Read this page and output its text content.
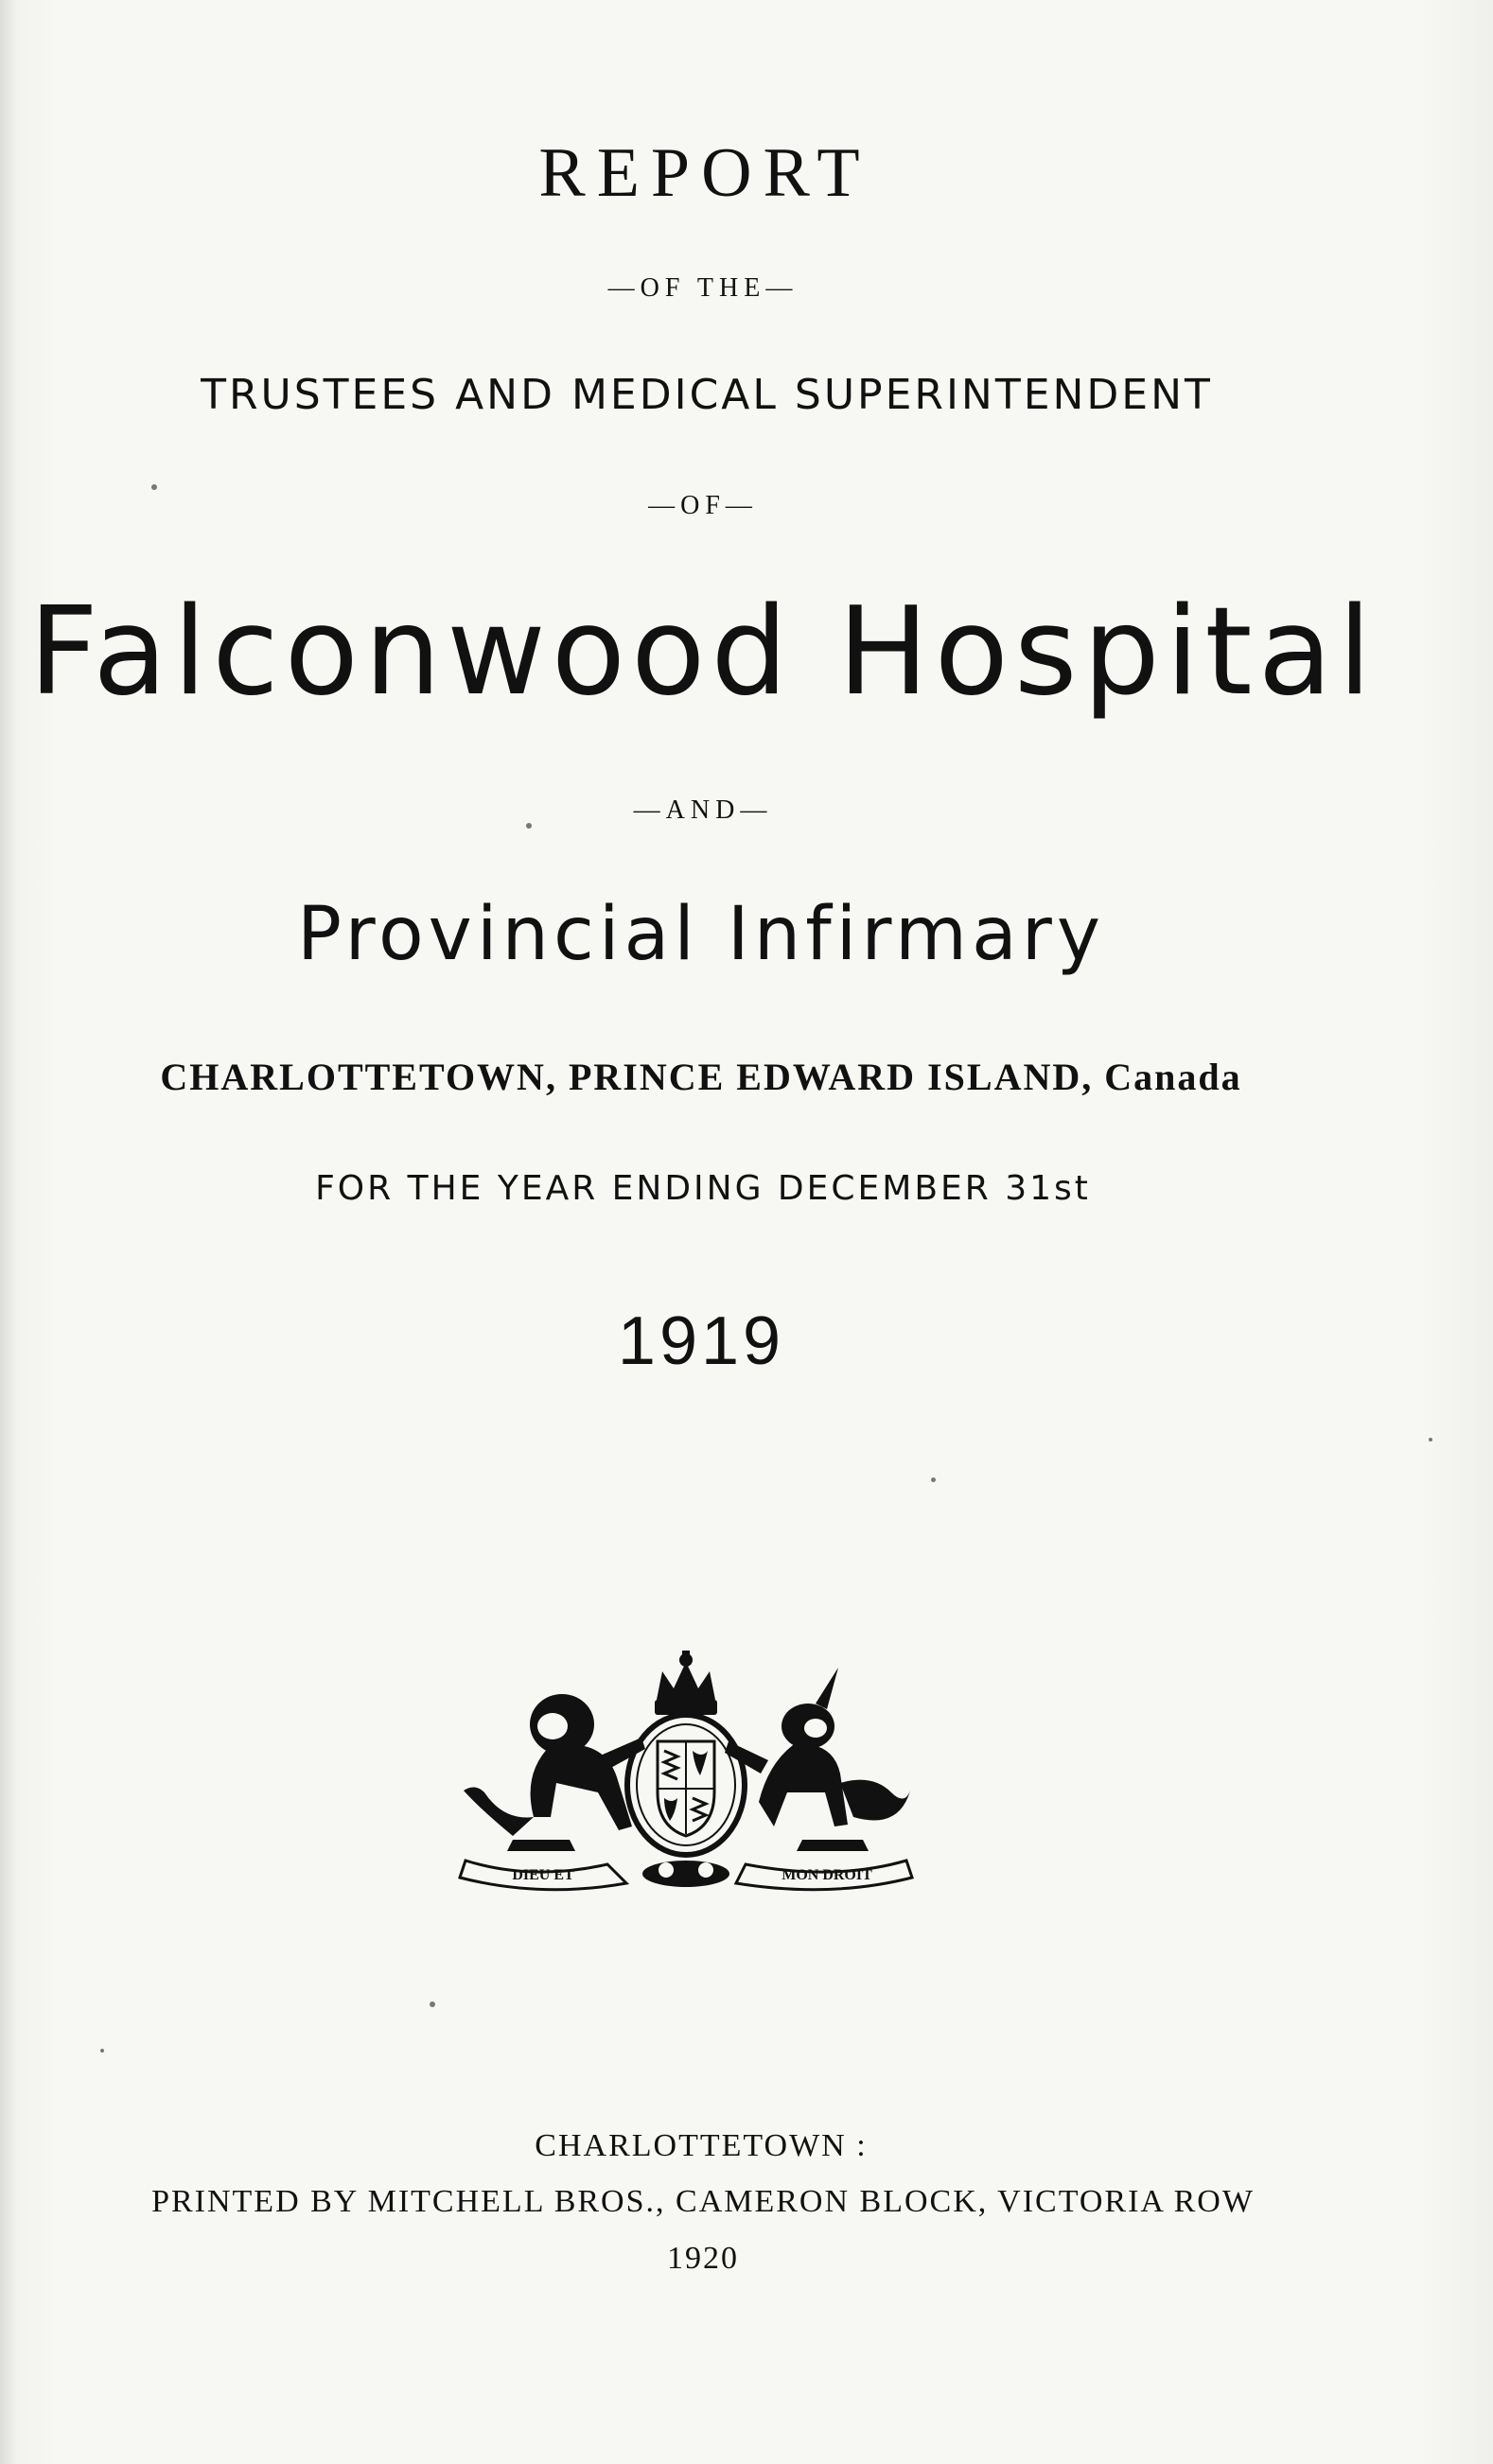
REPORT
—OF THE—
TRUSTEES AND MEDICAL SUPERINTENDENT
—OF—
Falconwood Hospital
—AND—
Provincial Infirmary
CHARLOTTETOWN, PRINCE EDWARD ISLAND, Canada
FOR THE YEAR ENDING DECEMBER 31st
1919
DIEU ET	MON DROIT
CHARLOTTETOWN :
PRINTED BY MITCHELL BROS., CAMERON BLOCK, VICTORIA ROW
1920
